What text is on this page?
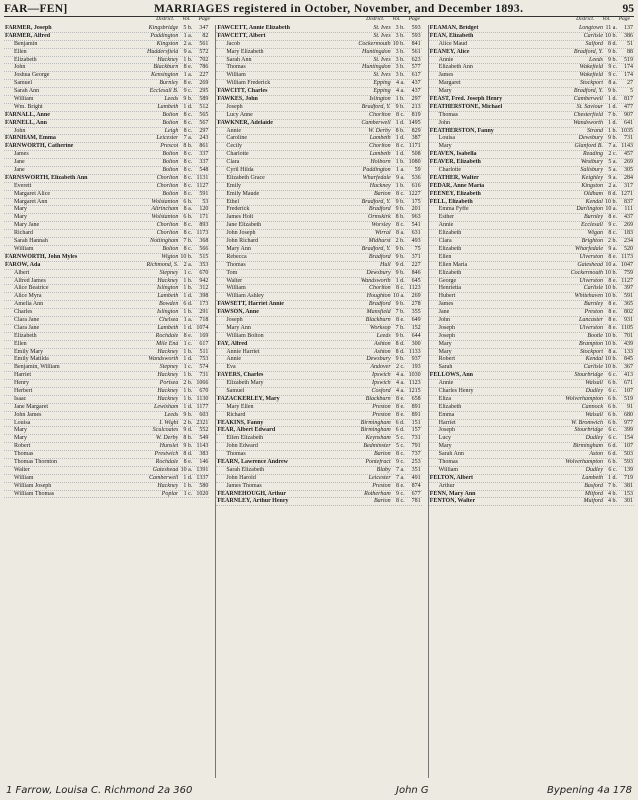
FAR—FEN]	MARRIAGES registered in October, November, and December 1893.	95
District. Vol. Page	District. Vol. Page	District. Vol. Page
FARMER, Joseph	Kingsbridge 5 b.	347
FARMER, Alfred	Paddington 1 a.	82
Benjamin	Kingston 2 a.	561
Ellen	Huddersfield 9 a.	572
Elizabeth	Hackney 1 b.	702
John	Blackburn 8 e.	786
Joshua George	Kensington 1 a.	227
Samuel	Burnley 8 e.	269
Sarah Ann	Ecclesall B. 9 c.	295
William	Leeds 9 b.	589
Wm. Bright	Lambeth 1 d.	512
FARNALL, Anne	Bolton 8 c.	565
FARNELL, Ann	Bolton 8 c.	567
John	Leigh 8 c.	297
FARNHAM, Emma	Leicester 7 a.	243
FARNWORTH, Catherine	Prescot 8 b.	861
James	Bolton 8 c.	337
Jane	Bolton 8 c.	337
Jane	Bolton 8 c.	548
FARNSWORTH, Elizabeth Ann	Chorlton 8 c. 1131
Everett	Chorlton 8 c. 1127
Margaret Alice	Bolton 8 c.	591
Margaret Ann	Wolstanton 6 b.	53
Mary	Altrincham 8 a.	120
Mary	Wolstanton 6 b.	171
Mary Jane	Chorlton 8 c.	893
Richard	Chorlton 8 c. 1173
Sarah Hannah	Nottingham 7 b.	368
William	Bolton 8 c.	566
FARNWORTH, John Myles	Wigton 10 b.	515
FAROW, Ada	Richmond, S. 2 a.	353
Albert	Stepney 1 c.	670
Alfred James	Hackney 1 b.	942
Alice Beatrice	Islington 1 b.	312
Alice Myra	Lambeth 1 d.	398
Amelia Ann	Bowden 6 d.	173
Charles	Islington 1 b.	291
Clara Jane	Chelsea 1 a.	718
Clara Jane	Lambeth 1 d. 1074
Elizabeth	Rochdale 8 e.	169
Ellen	Mile End 1 c.	617
Emily Mary	Hackney 1 b.	511
Emily Matilda	Wandsworth 1 d.	753
Benjamin, William	Stepney 1 c.	574
Harriet	Hackney 1 b.	731
Henry	Portsea 2 b. 1066
Herbert	Hackney 1 b.	670
Isaac	Hackney 1 b. 1130
Jane Margaret	Lewisham 1 d. 1177
John James	Leeds 9 b.	603
Louisa	I. Wight 2 b. 2321
Mary	Sculcoates 9 d.	552
Mary	W. Derby 8 b.	549
Robert	Hunslet 9 b. 1143
Thomas	Prestwich 8 d.	383
Thomas Thornton	Rochdale 8 e.	146
Walter	Gateshead 10 a. 1391
William	Camberwell 1 d. 1337
William Joseph	Hackney 1 b.	580
William Thomas	Poplar 1 c. 1020
FAWCETT, Annie Elizabeth	St. Ives 3 b.	593
FAWCETT, Albert	St. Ives 3 b.	593
Jacob	Cockermouth 10 b.	841
Mary Elizabeth	Huntingdon 3 b.	561
Sarah Ann	St. Ives 3 b.	623
Thomas	Huntingdon 3 b.	577
William	St. Ives 3 b.	617
William Frederick	Epping 4 a.	437
FAWCITT, Charles	Epping 4 a.	437
FAWKES, John	Islington 1 b.	297
Joseph	Bradford, Y. 9 b.	213
Lucy Anne	Chorlton 8 c.	819
FAWKNER, Adelaide	Camberwell 1 d. 1495
Annie	W. Derby 8 b.	829
Caroline	Lambeth 1 d.	387
Cecily	Chorlton 8 c. 1171
Charlotte	Lambeth 1 d.	508
Clara	Holborn 1 b. 1080
Cyril Hilda	Paddington 1 a.	59
Elizabeth Grace	Wharfedale 9 a.	536
Emily	Hackney 1 b.	616
Emily Maude	Barton 8 c. 1227
Ethel	Bradford, Y. 9 b.	175
Frederick	Bradford 9 b.	201
James Holt	Ormskirk 8 b.	963
Jane Elizabeth	Worsley 8 c.	541
John Joseph	Wirral 8 a.	631
John Richard	Midhurst 2 b.	493
Mary Ann	Bradford, Y. 9 b.	75
Rebecca	Bradford 9 b.	371
Thomas	Hull 9 d.	227
Tom	Dewsbury 9 b.	846
Walter	Wandsworth 1 d.	645
William	Chorlton 8 c. 1123
William Ashley	Houghton 10 a.	269
FAWSETT, Harriet Annie	Bradford 9 b.	278
FAWSON, Anne	Mansfield 7 b.	355
Joseph	Blackburn 8 e.	649
Mary Ann	Worksop 7 b.	152
William Bolton	Leeds 9 b.	644
FAY, Alfred	Ashton 8 d.	300
Annie Harriet	Ashton 8 d. 1133
Annie	Dewsbury 9 b.	937
Eva	Andover 2 c.	193
FAYERS, Charles	Ipswich 4 a. 1030
Elizabeth Mary	Ipswich 4 a. 1123
Samuel	Cosford 4 a. 1215
FAZACKERLEY, Mary	Blackburn 8 e.	658
Mary Ellen	Preston 8 e.	891
Richard	Preston 8 e.	891
FEAKINS, Fanny	Birmingham 6 d.	151
FEAR, Albert Edward	Birmingham 6 d.	157
Ellen Elizabeth	Keynsham 5 c.	731
John Edward	Bedminster 5 c.	791
Thomas	Barton 8 c.	737
FEARN, Lawrence Andrew	Pontefract 9 c.	253
Sarah Elizabeth	Blaby 7 a.	351
John Harold	Leicester 7 a.	491
James Thomas	Preston 8 e.	874
FEARNEHOUGH, Arthur	Rotherham 9 c.	677
FEARNLEY, Arthur Henry	Barton 8 c.	781
FEAMAN, Bridget	Longtown 11 a.	137
FEAN, Elizabeth	Carlisle 10 b.	386
Alice Maud	Salford 8 d.	51
FEANEY, Alice	Bradford, Y. 9 b.	88
Annie	Leeds 9 b.	519
Elizabeth Ann	Wakefield 9 c.	174
James	Wakefield 9 c.	174
Margaret	Stockport 8 a.	27
Mary	Bradford, Y. 9 b.	5
FEAST, Fred. Joseph Henry	Camberwell 1 d.	817
FEATHERSTONE, Michael	St. Saviour 1 d.	477
Thomas	Chesterfield 7 b.	907
John	Wandsworth 1 d.	641
FEATHERSTON, Fanny	Strand 1 b. 1035
Louisa	Dewsbury 9 b.	731
Mary	Glanford B. 7 a. 1143
FEAVEN, Isabella	Reading 2 c.	457
FEAVER, Elizabeth	Westbury 5 a.	269
Charlotte	Salisbury 5 a.	305
FEATHER, Walter	Keighley 9 a.	284
FEDAR, Anne Maria	Kingston 2 a.	317
FEENEY, Elizabeth	Oldham 8 d. 1271
FELL, Elizabeth	Kendal 10 b.	837
Emma Fyffe	Darlington 10 a.	111
Esther	Burnley 8 e.	437
Annie	Ecclesall 9 c.	269
Elizabeth	Wigan 8 c.	183
Clara	Brighton 2 b.	234
Elizabeth	Wharfedale 9 a.	520
Ellen	Ulverston 8 e. 1173
Ellen Maria	Gateshead 10 a. 1047
Elizabeth	Cockermouth 10 b.	759
George	Ulverston 8 e. 1127
Henrietta	Carlisle 10 b.	397
Hubert	Whitehaven 10 b.	591
James	Burnley 8 e.	365
Jane	Preston 8 e.	802
John	Lancaster 8 e.	931
Joseph	Ulverston 8 e. 1105
Joseph	Bootle 10 b.	701
Mary	Brampton 10 b.	439
Mary	Stockport 8 a.	133
Robert	Kendal 10 b.	845
Sarah	Carlisle 10 b.	367
FELLOWS, Ann	Stourbridge 6 c.	413
Annie	Walsall 6 b.	671
Charles Henry	Dudley 6 c.	107
Eliza	Wolverhampton 6 b.	519
Elizabeth	Cannock 6 b.	91
Emma	Walsall 6 b.	680
Harriet	W. Bromwich 6 b.	977
Joseph	Stourbridge 6 c.	399
Lucy	Dudley 6 c.	154
Mary	Birmingham 6 d.	107
Sarah Ann	Aston 6 d.	503
Thomas	Wolverhampton 6 b.	593
William	Dudley 6 c.	139
FELTON, Albert	Lambeth 1 d.	719
Arthur	Basford 7 b.	381
FENN, Mary Ann	Mitford 4 b.	153
FENTON, Walter	Mutford 4 b.	301
1 Farrow, Louisa C. Richmond 2a 360	John G	Bypening 4a 178
